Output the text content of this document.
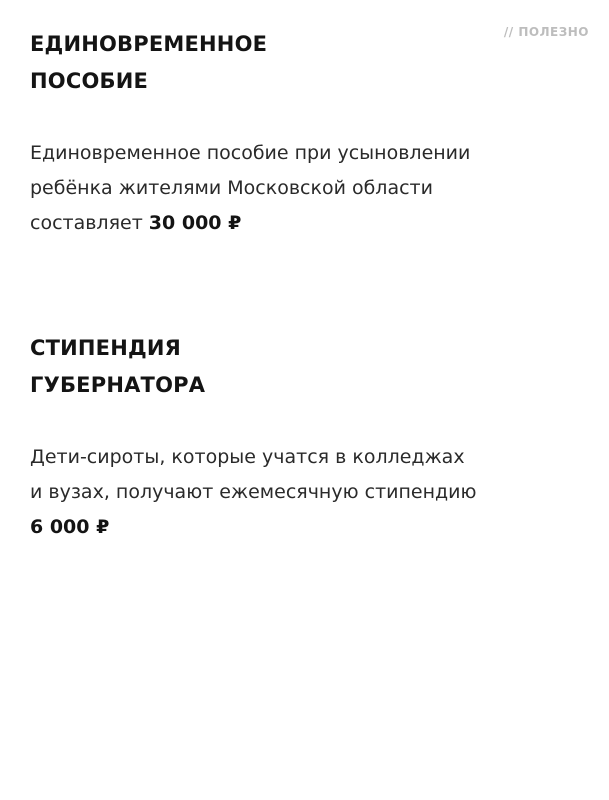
// ПОЛЕЗНО
ЕДИНОВРЕМЕННОЕ
ПОСОБИЕ
Единовременное пособие при усыновлении
ребёнка жителями Московской области
составляет 30 000 ₽
СТИПЕНДИЯ
ГУБЕРНАТОРА
Дети-сироты, которые учатся в колледжах
и вузах, получают ежемесячную стипендию
6 000 ₽
